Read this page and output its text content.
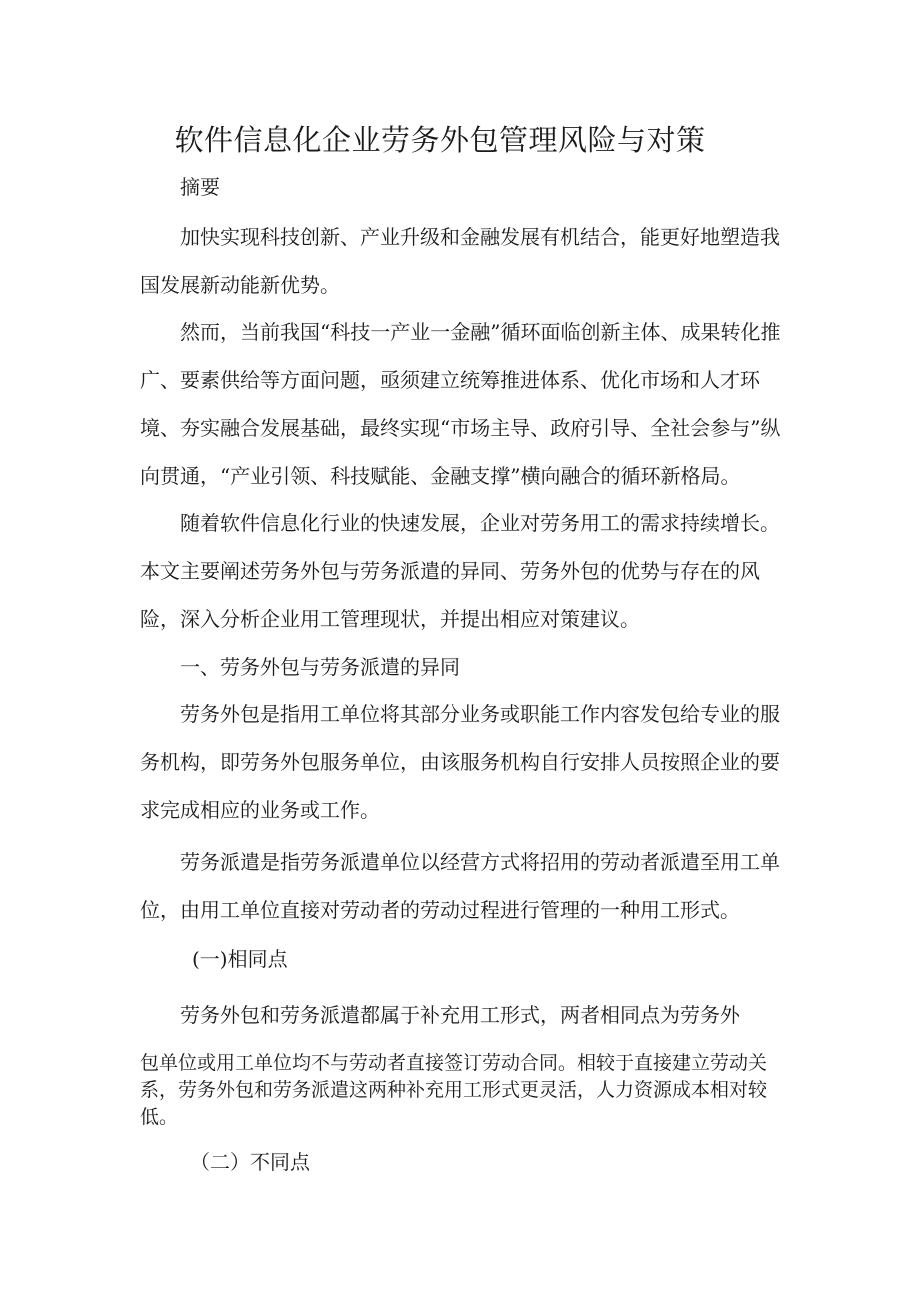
软件信息化企业劳务外包管理风险与对策

摘要

加快实现科技创新、产业升级和金融发展有机结合，能更好地塑造我国发展新动能新优势。

然而，当前我国“科技一产业一金融”循环面临创新主体、成果转化推广、要素供给等方面问题，亟须建立统筹推进体系、优化市场和人才环境、夯实融合发展基础，最终实现“市场主导、政府引导、全社会参与”纵向贯通，“产业引领、科技赋能、金融支撑”横向融合的循环新格局。

随着软件信息化行业的快速发展，企业对劳务用工的需求持续增长。本文主要阐述劳务外包与劳务派遣的异同、劳务外包的优势与存在的风险，深入分析企业用工管理现状，并提出相应对策建议。

一、劳务外包与劳务派遣的异同

劳务外包是指用工单位将其部分业务或职能工作内容发包给专业的服务机构，即劳务外包服务单位，由该服务机构自行安排人员按照企业的要求完成相应的业务或工作。

劳务派遣是指劳务派遣单位以经营方式将招用的劳动者派遣至用工单位，由用工单位直接对劳动者的劳动过程进行管理的一种用工形式。

(一)相同点

劳务外包和劳务派遣都属于补充用工形式，两者相同点为劳务外

包单位或用工单位均不与劳动者直接签订劳动合同。相较于直接建立劳动关系，劳务外包和劳务派遣这两种补充用工形式更灵活，人力资源成本相对较低。

（二）不同点
